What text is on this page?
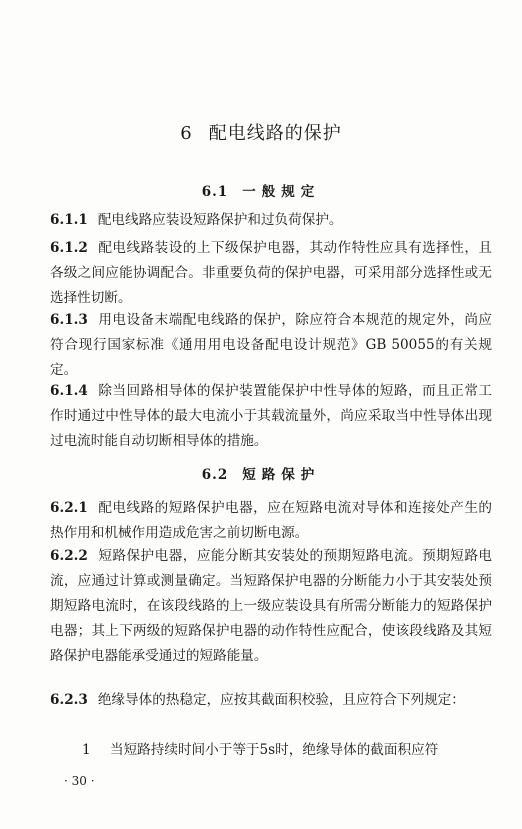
6 配电线路的保护
6.1 一般规定
6.1.1 配电线路应装设短路保护和过负荷保护。
6.1.2 配电线路装设的上下级保护电器，其动作特性应具有选择性，且各级之间应能协调配合。非重要负荷的保护电器，可采用部分选择性或无选择性切断。
6.1.3 用电设备末端配电线路的保护，除应符合本规范的规定外，尚应符合现行国家标准《通用用电设备配电设计规范》GB 50055的有关规定。
6.1.4 除当回路相导体的保护装置能保护中性导体的短路，而且正常工作时通过中性导体的最大电流小于其载流量外，尚应采取当中性导体出现过电流时能自动切断相导体的措施。
6.2 短路保护
6.2.1 配电线路的短路保护电器，应在短路电流对导体和连接处产生的热作用和机械作用造成危害之前切断电源。
6.2.2 短路保护电器，应能分断其安装处的预期短路电流。预期短路电流，应通过计算或测量确定。当短路保护电器的分断能力小于其安装处预期短路电流时，在该段线路的上一级应装设具有所需分断能力的短路保护电器；其上下两级的短路保护电器的动作特性应配合，使该段线路及其短路保护电器能承受通过的短路能量。
6.2.3 绝缘导体的热稳定，应按其截面积校验，且应符合下列规定：
1 当短路持续时间小于等于5s时，绝缘导体的截面积应符
· 30 ·
